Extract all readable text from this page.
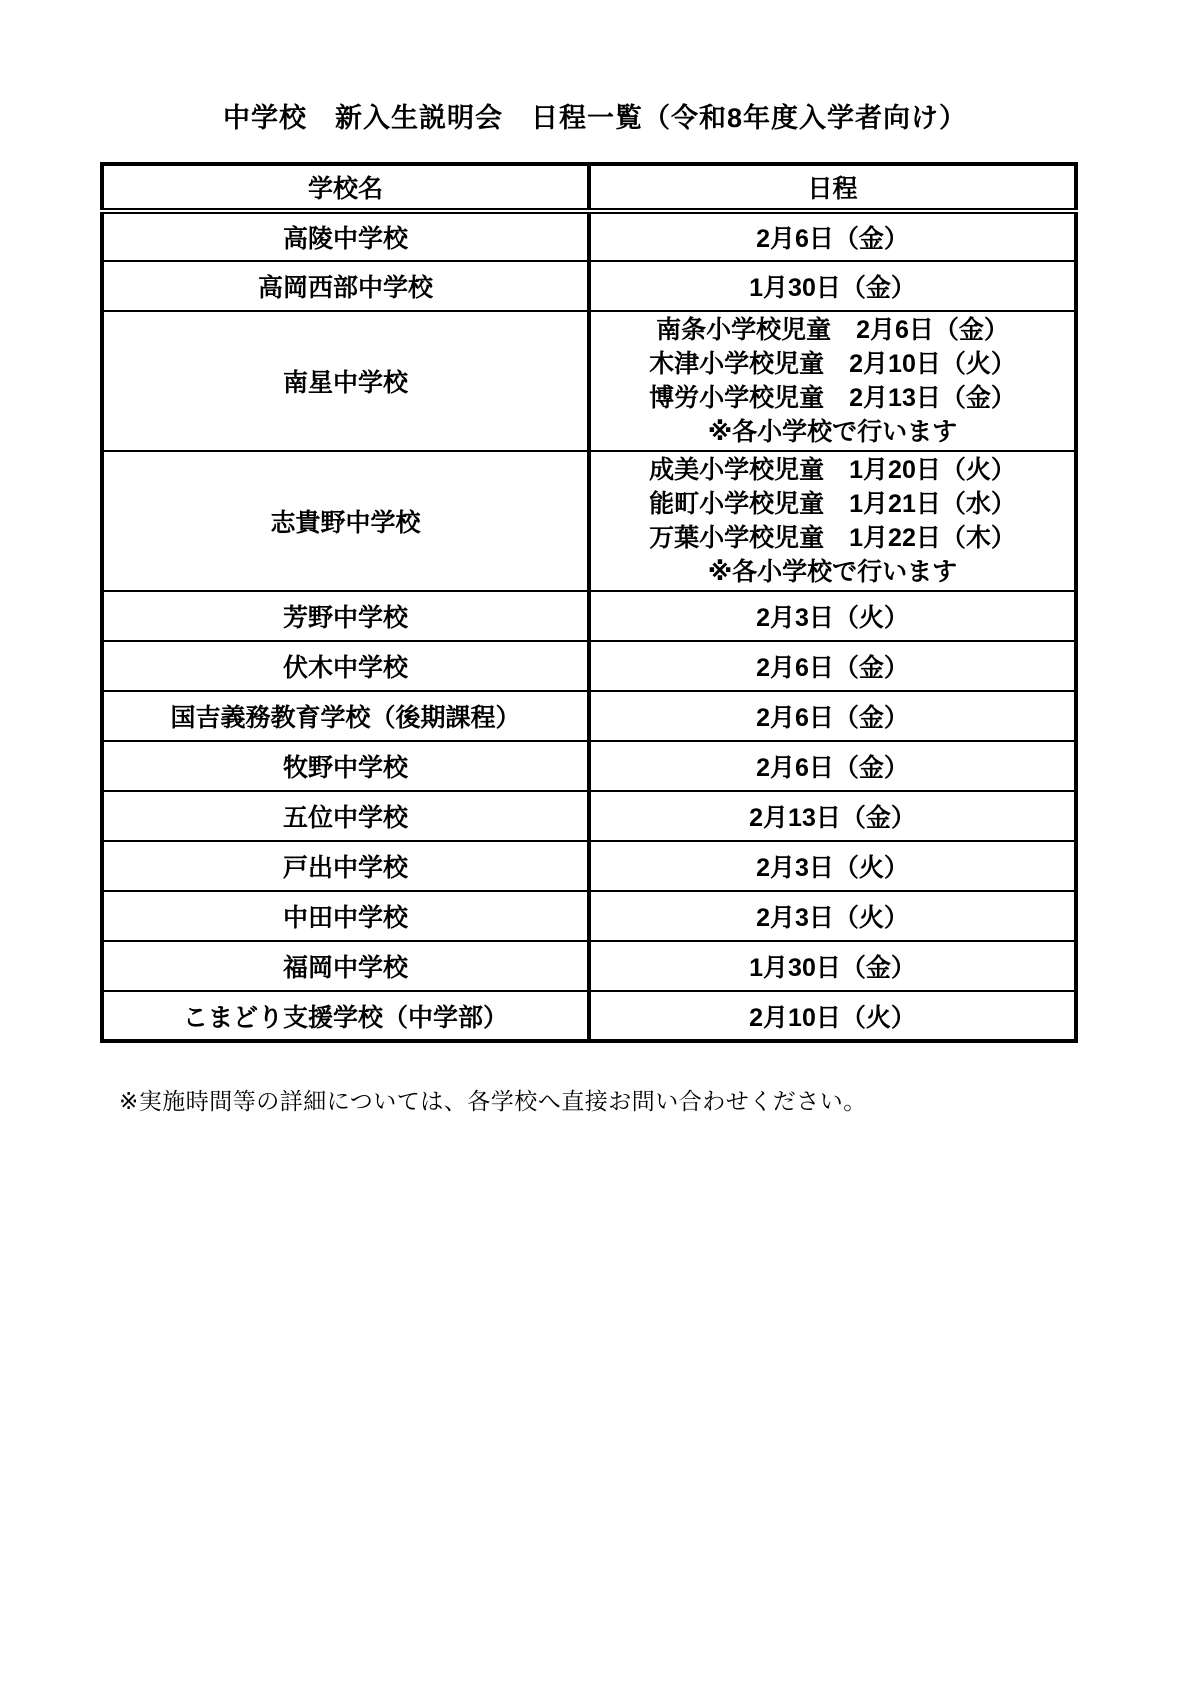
中学校　新入生説明会　日程一覧（令和8年度入学者向け）
学校名	日程
高陵中学校	2月6日（金）
高岡西部中学校	1月30日（金）
南星中学校	南条小学校児童　2月6日（金）
木津小学校児童　2月10日（火）
博労小学校児童　2月13日（金）
※各小学校で行います

志貴野中学校	成美小学校児童　1月20日（火）
能町小学校児童　1月21日（水）
万葉小学校児童　1月22日（木）
※各小学校で行います

芳野中学校	2月3日（火）
伏木中学校	2月6日（金）
国吉義務教育学校（後期課程）	2月6日（金）
牧野中学校	2月6日（金）
五位中学校	2月13日（金）
戸出中学校	2月3日（火）
中田中学校	2月3日（火）
福岡中学校	1月30日（金）
こまどり支援学校（中学部）	2月10日（火）
※実施時間等の詳細については、各学校へ直接お問い合わせください。
